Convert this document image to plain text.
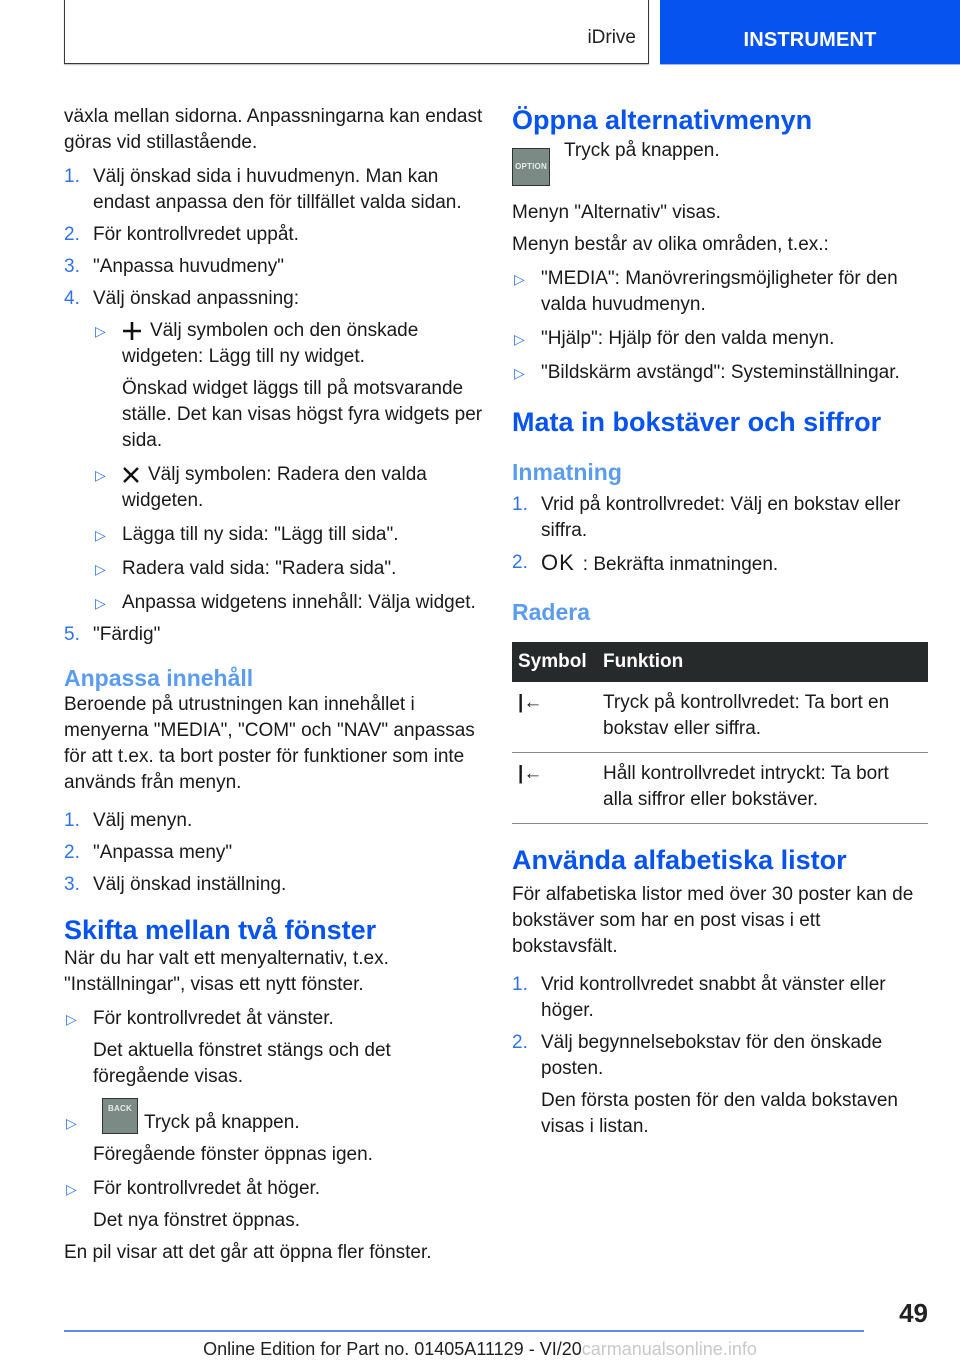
iDrive	INSTRUMENT

växla mellan sidorna. Anpassningarna kan endast göras vid stillastående.

1. Välj önskad sida i huvudmenyn. Man kan endast anpassa den för tillfället valda sidan.
2. För kontrollvredet uppåt.
3. "Anpassa huvudmeny"
4. Välj önskad anpassning:
▷ Välj symbolen och den önskade widgeten: Lägg till ny widget.

Önskad widget läggs till på motsvarande ställe. Det kan visas högst fyra widgets per sida.

▷ Välj symbolen: Radera den valda widgeten.
▷ Lägga till ny sida: "Lägg till sida".
▷ Radera vald sida: "Radera sida".
▷ Anpassa widgetens innehåll: Välja widget.
5. "Färdig"
Anpassa innehåll

Beroende på utrustningen kan innehållet i menyerna "MEDIA", "COM" och "NAV" anpassas för att t.ex. ta bort poster för funktioner som inte används från menyn.

1. Välj menyn.
2. "Anpassa meny"
3. Välj önskad inställning.
Skifta mellan två fönster

När du har valt ett menyalternativ, t.ex. "Inställningar", visas ett nytt fönster.

▷ För kontrollvredet åt vänster.

Det aktuella fönstret stängs och det föregående visas.

▷
BACK
Tryck på knappen.

Föregående fönster öppnas igen.

▷ För kontrollvredet åt höger.

Det nya fönstret öppnas.

En pil visar att det går att öppna fler fönster.

Öppna alternativmenyn
OPTION
Tryck på knappen.

Menyn "Alternativ" visas.

Menyn består av olika områden, t.ex.:

▷ "MEDIA": Manövreringsmöjligheter för den valda huvudmenyn.
▷ "Hjälp": Hjälp för den valda menyn.
▷ "Bildskärm avstängd": Systeminställningar.
Mata in bokstäver och siffror
Inmatning
1. Vrid på kontrollvredet: Välj en bokstav eller siffra.
2. OK : Bekräfta inmatningen.
Radera
Symbol	Funktion
|←	Tryck på kontrollvredet: Ta bort en bokstav eller siffra.
|←	Håll kontrollvredet intryckt: Ta bort alla siffror eller bokstäver.
Använda alfabetiska listor

För alfabetiska listor med över 30 poster kan de bokstäver som har en post visas i ett bokstavsfält.

1. Vrid kontrollvredet snabbt åt vänster eller höger.
2. Välj begynnelsebokstav för den önskade posten.

Den första posten för den valda bokstaven visas i listan.

49
Online Edition for Part no. 01405A11129 - VI/20carmanualsonline.info
